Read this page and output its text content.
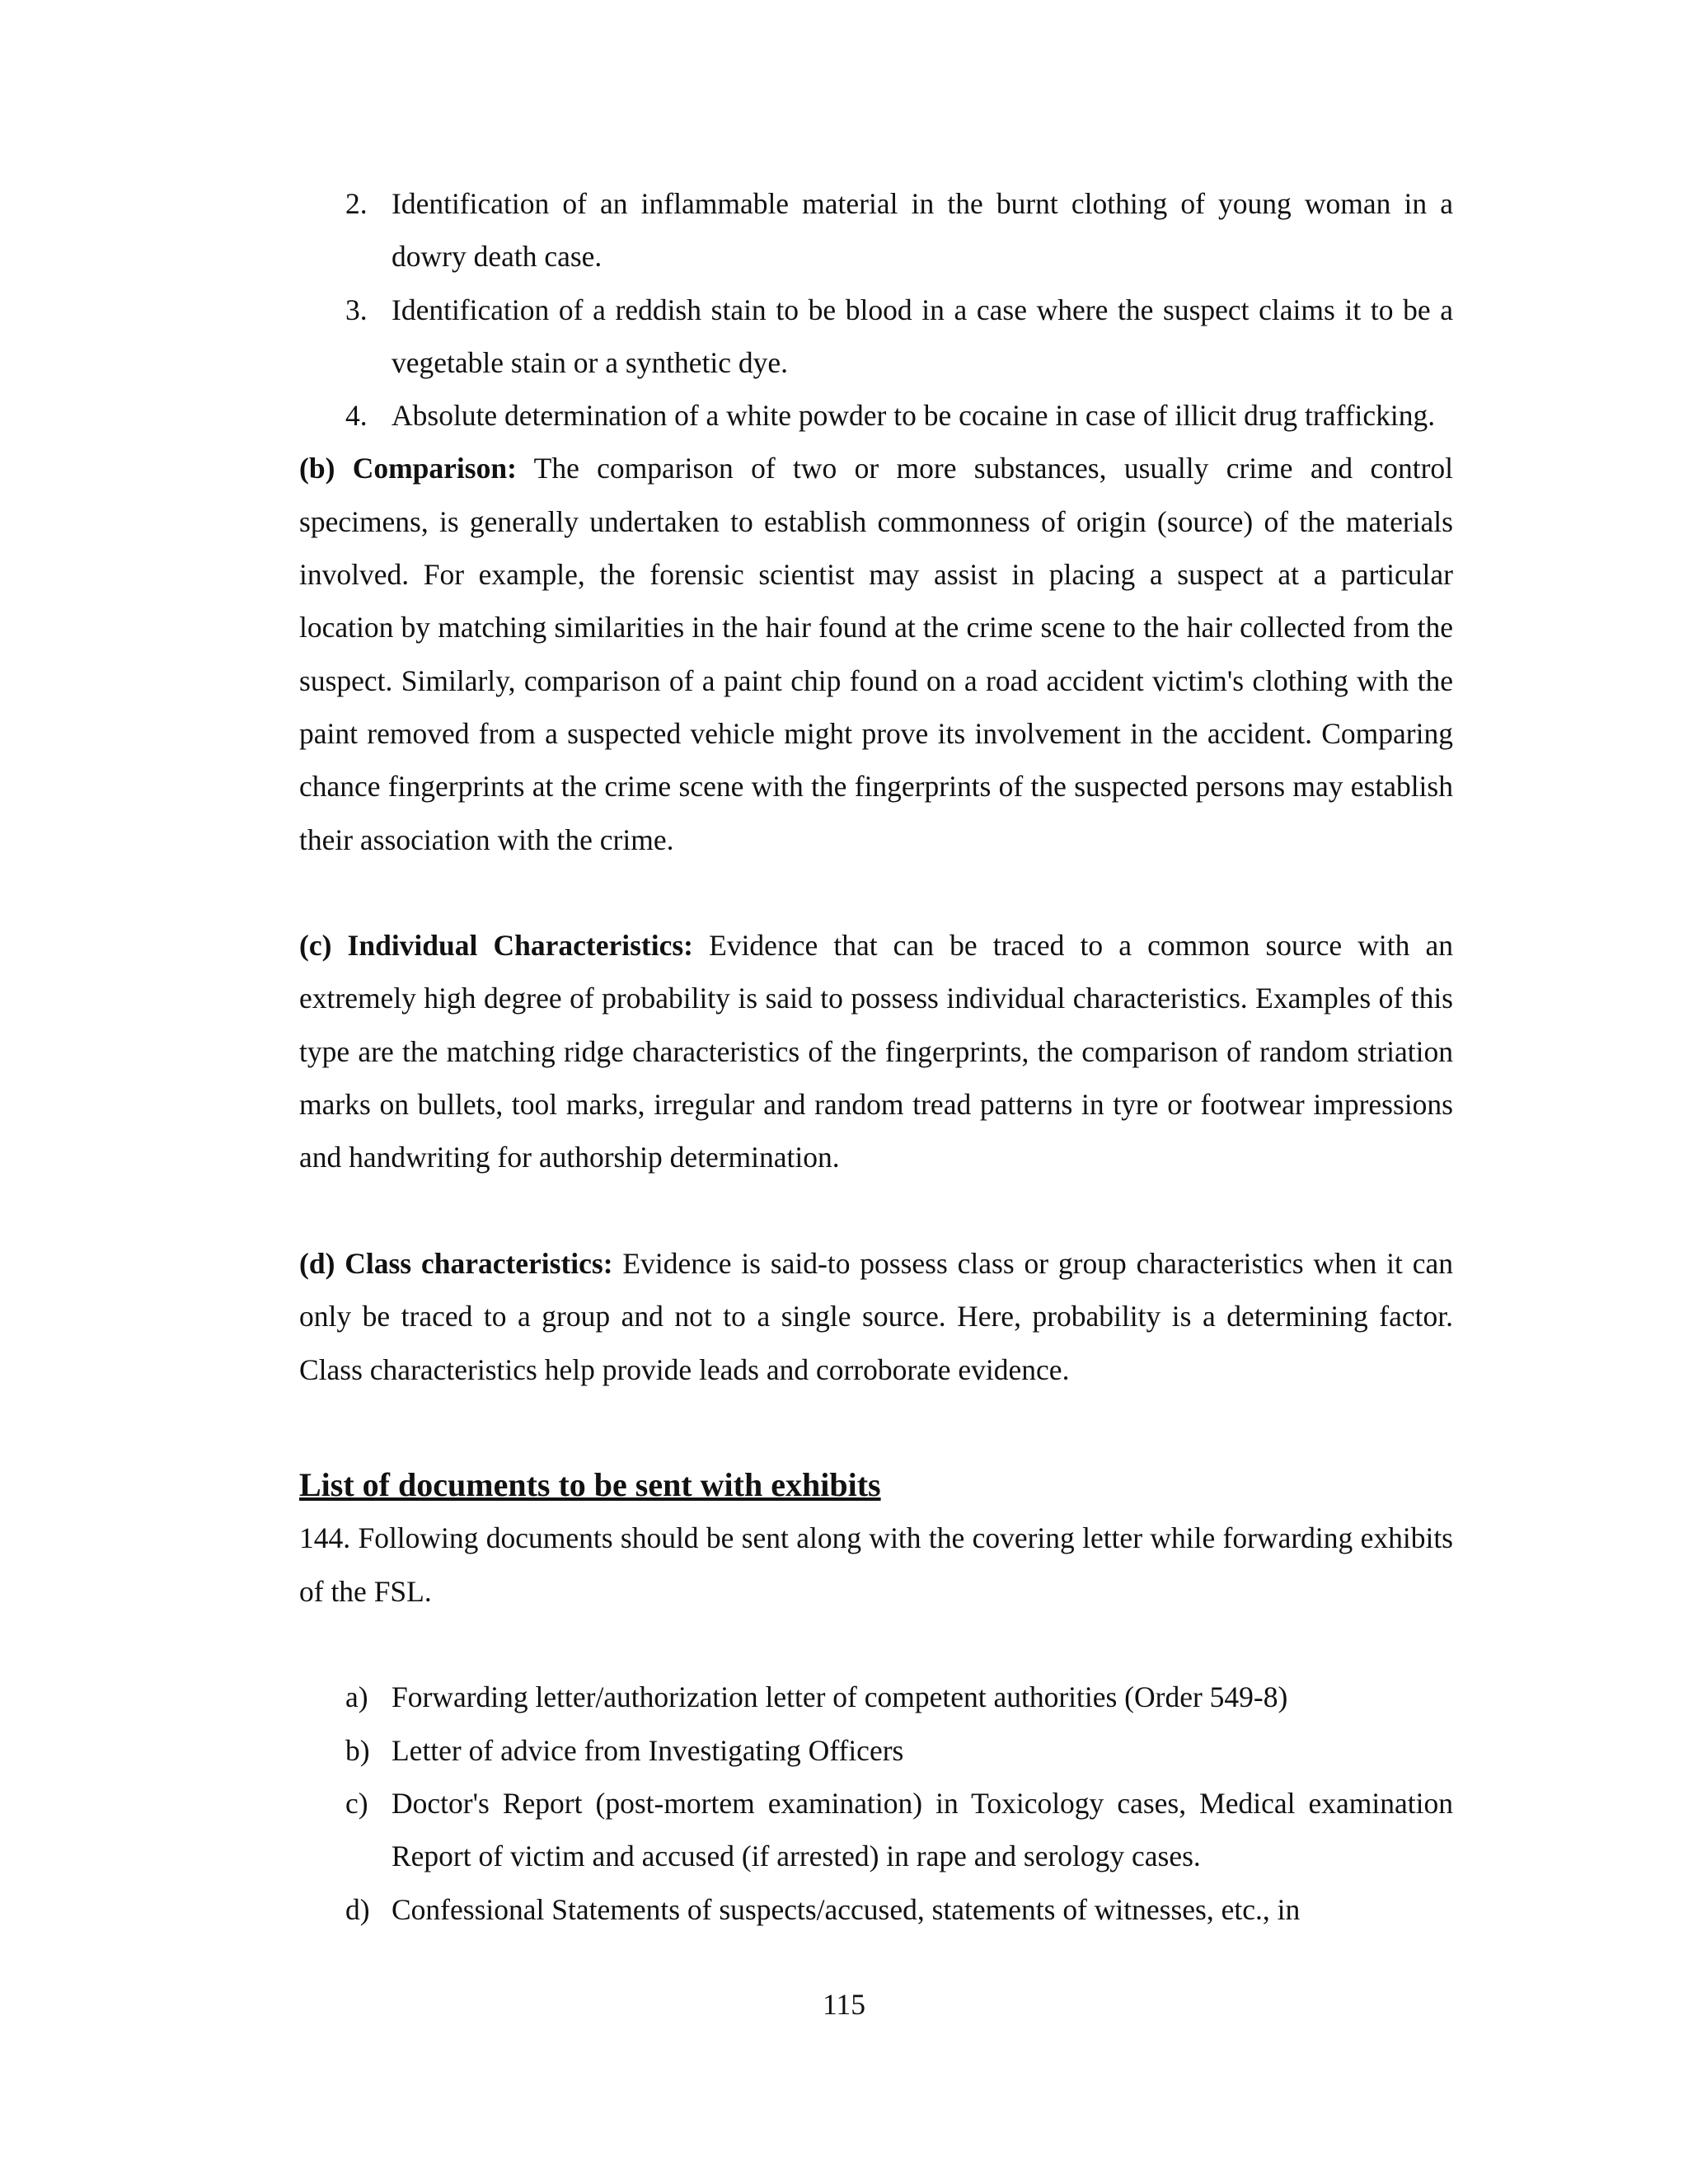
2. Identification of an inflammable material in the burnt clothing of young woman in a dowry death case.
3. Identification of a reddish stain to be blood in a case where the suspect claims it to be a vegetable stain or a synthetic dye.
4. Absolute determination of a white powder to be cocaine in case of illicit drug trafficking.

(b) Comparison: The comparison of two or more substances, usually crime and control specimens, is generally undertaken to establish commonness of origin (source) of the materials involved. For example, the forensic scientist may assist in placing a suspect at a particular location by matching similarities in the hair found at the crime scene to the hair collected from the suspect. Similarly, comparison of a paint chip found on a road accident victim's clothing with the paint removed from a suspected vehicle might prove its involvement in the accident. Comparing chance fingerprints at the crime scene with the fingerprints of the suspected persons may establish their association with the crime.

(c) Individual Characteristics: Evidence that can be traced to a common source with an extremely high degree of probability is said to possess individual characteristics. Examples of this type are the matching ridge characteristics of the fingerprints, the comparison of random striation marks on bullets, tool marks, irregular and random tread patterns in tyre or footwear impressions and handwriting for authorship determination.

(d) Class characteristics: Evidence is said-to possess class or group characteristics when it can only be traced to a group and not to a single source. Here, probability is a determining factor. Class characteristics help provide leads and corroborate evidence.

List of documents to be sent with exhibits

144. Following documents should be sent along with the covering letter while forwarding exhibits of the FSL.

a) Forwarding letter/authorization letter of competent authorities (Order 549-8)
b) Letter of advice from Investigating Officers
c) Doctor's Report (post-mortem examination) in Toxicology cases, Medical examination Report of victim and accused (if arrested) in rape and serology cases.
d) Confessional Statements of suspects/accused, statements of witnesses, etc., in
115
